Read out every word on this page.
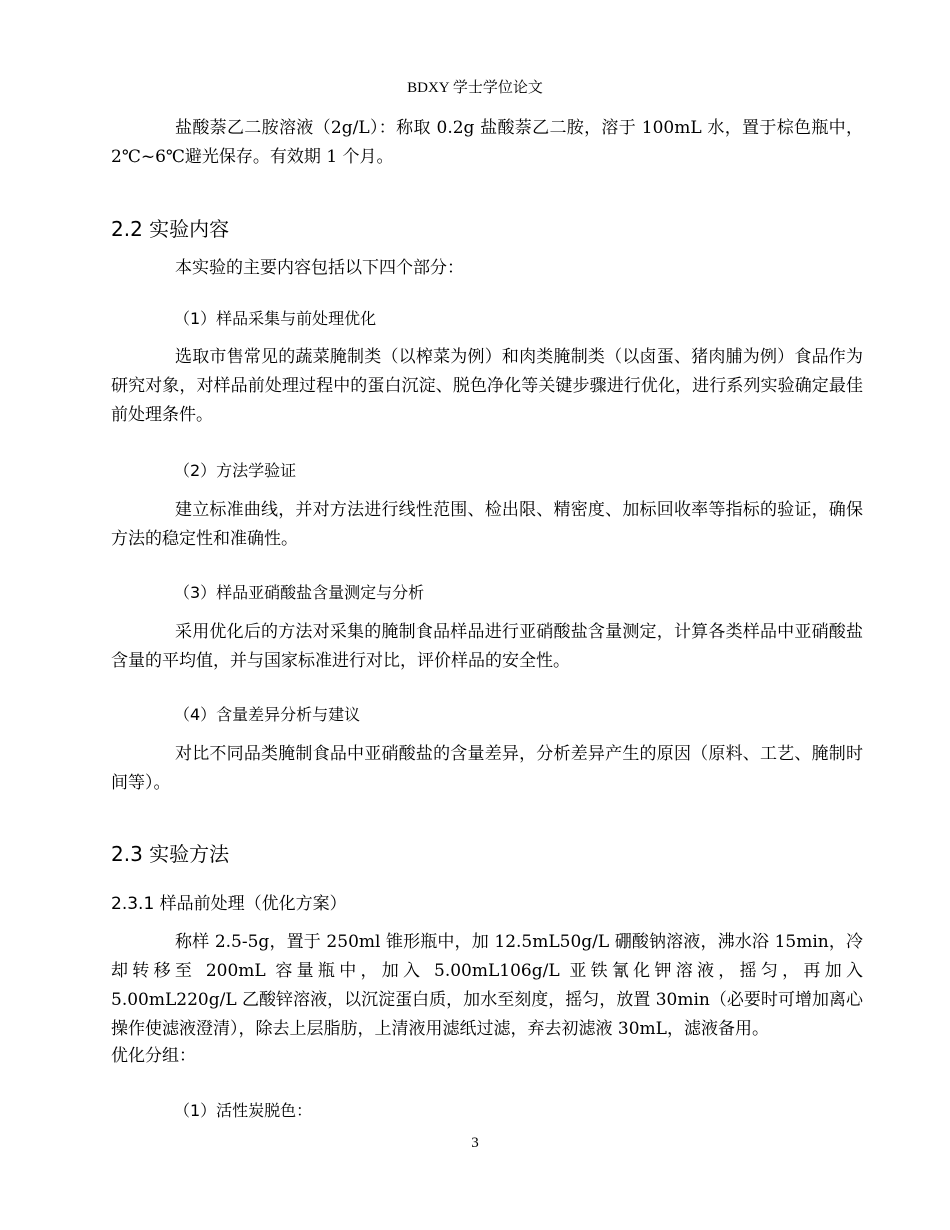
BDXY 学士学位论文

盐酸萘乙二胺溶液（2g/L）：称取 0.2g 盐酸萘乙二胺，溶于 100mL 水，置于棕色瓶中，2℃~6℃避光保存。有效期 1 个月。

2.2 实验内容

本实验的主要内容包括以下四个部分：

（1）样品采集与前处理优化

选取市售常见的蔬菜腌制类（以榨菜为例）和肉类腌制类（以卤蛋、猪肉脯为例）食品作为研究对象，对样品前处理过程中的蛋白沉淀、脱色净化等关键步骤进行优化，进行系列实验确定最佳前处理条件。

（2）方法学验证

建立标准曲线，并对方法进行线性范围、检出限、精密度、加标回收率等指标的验证，确保方法的稳定性和准确性。

（3）样品亚硝酸盐含量测定与分析

采用优化后的方法对采集的腌制食品样品进行亚硝酸盐含量测定，计算各类样品中亚硝酸盐含量的平均值，并与国家标准进行对比，评价样品的安全性。

（4）含量差异分析与建议

对比不同品类腌制食品中亚硝酸盐的含量差异，分析差异产生的原因（原料、工艺、腌制时间等）。

2.3 实验方法
2.3.1 样品前处理（优化方案）

称样 2.5-5g，置于 250ml 锥形瓶中，加 12.5mL50g/L 硼酸钠溶液，沸水浴 15min，冷却转移至 200mL 容量瓶中，加入 5.00mL106g/L 亚铁氰化钾溶液，摇匀，再加入 5.00mL220g/L 乙酸锌溶液，以沉淀蛋白质，加水至刻度，摇匀，放置 30min（必要时可增加离心操作使滤液澄清），除去上层脂肪，上清液用滤纸过滤，弃去初滤液 30mL，滤液备用。

优化分组：

（1）活性炭脱色：
3
